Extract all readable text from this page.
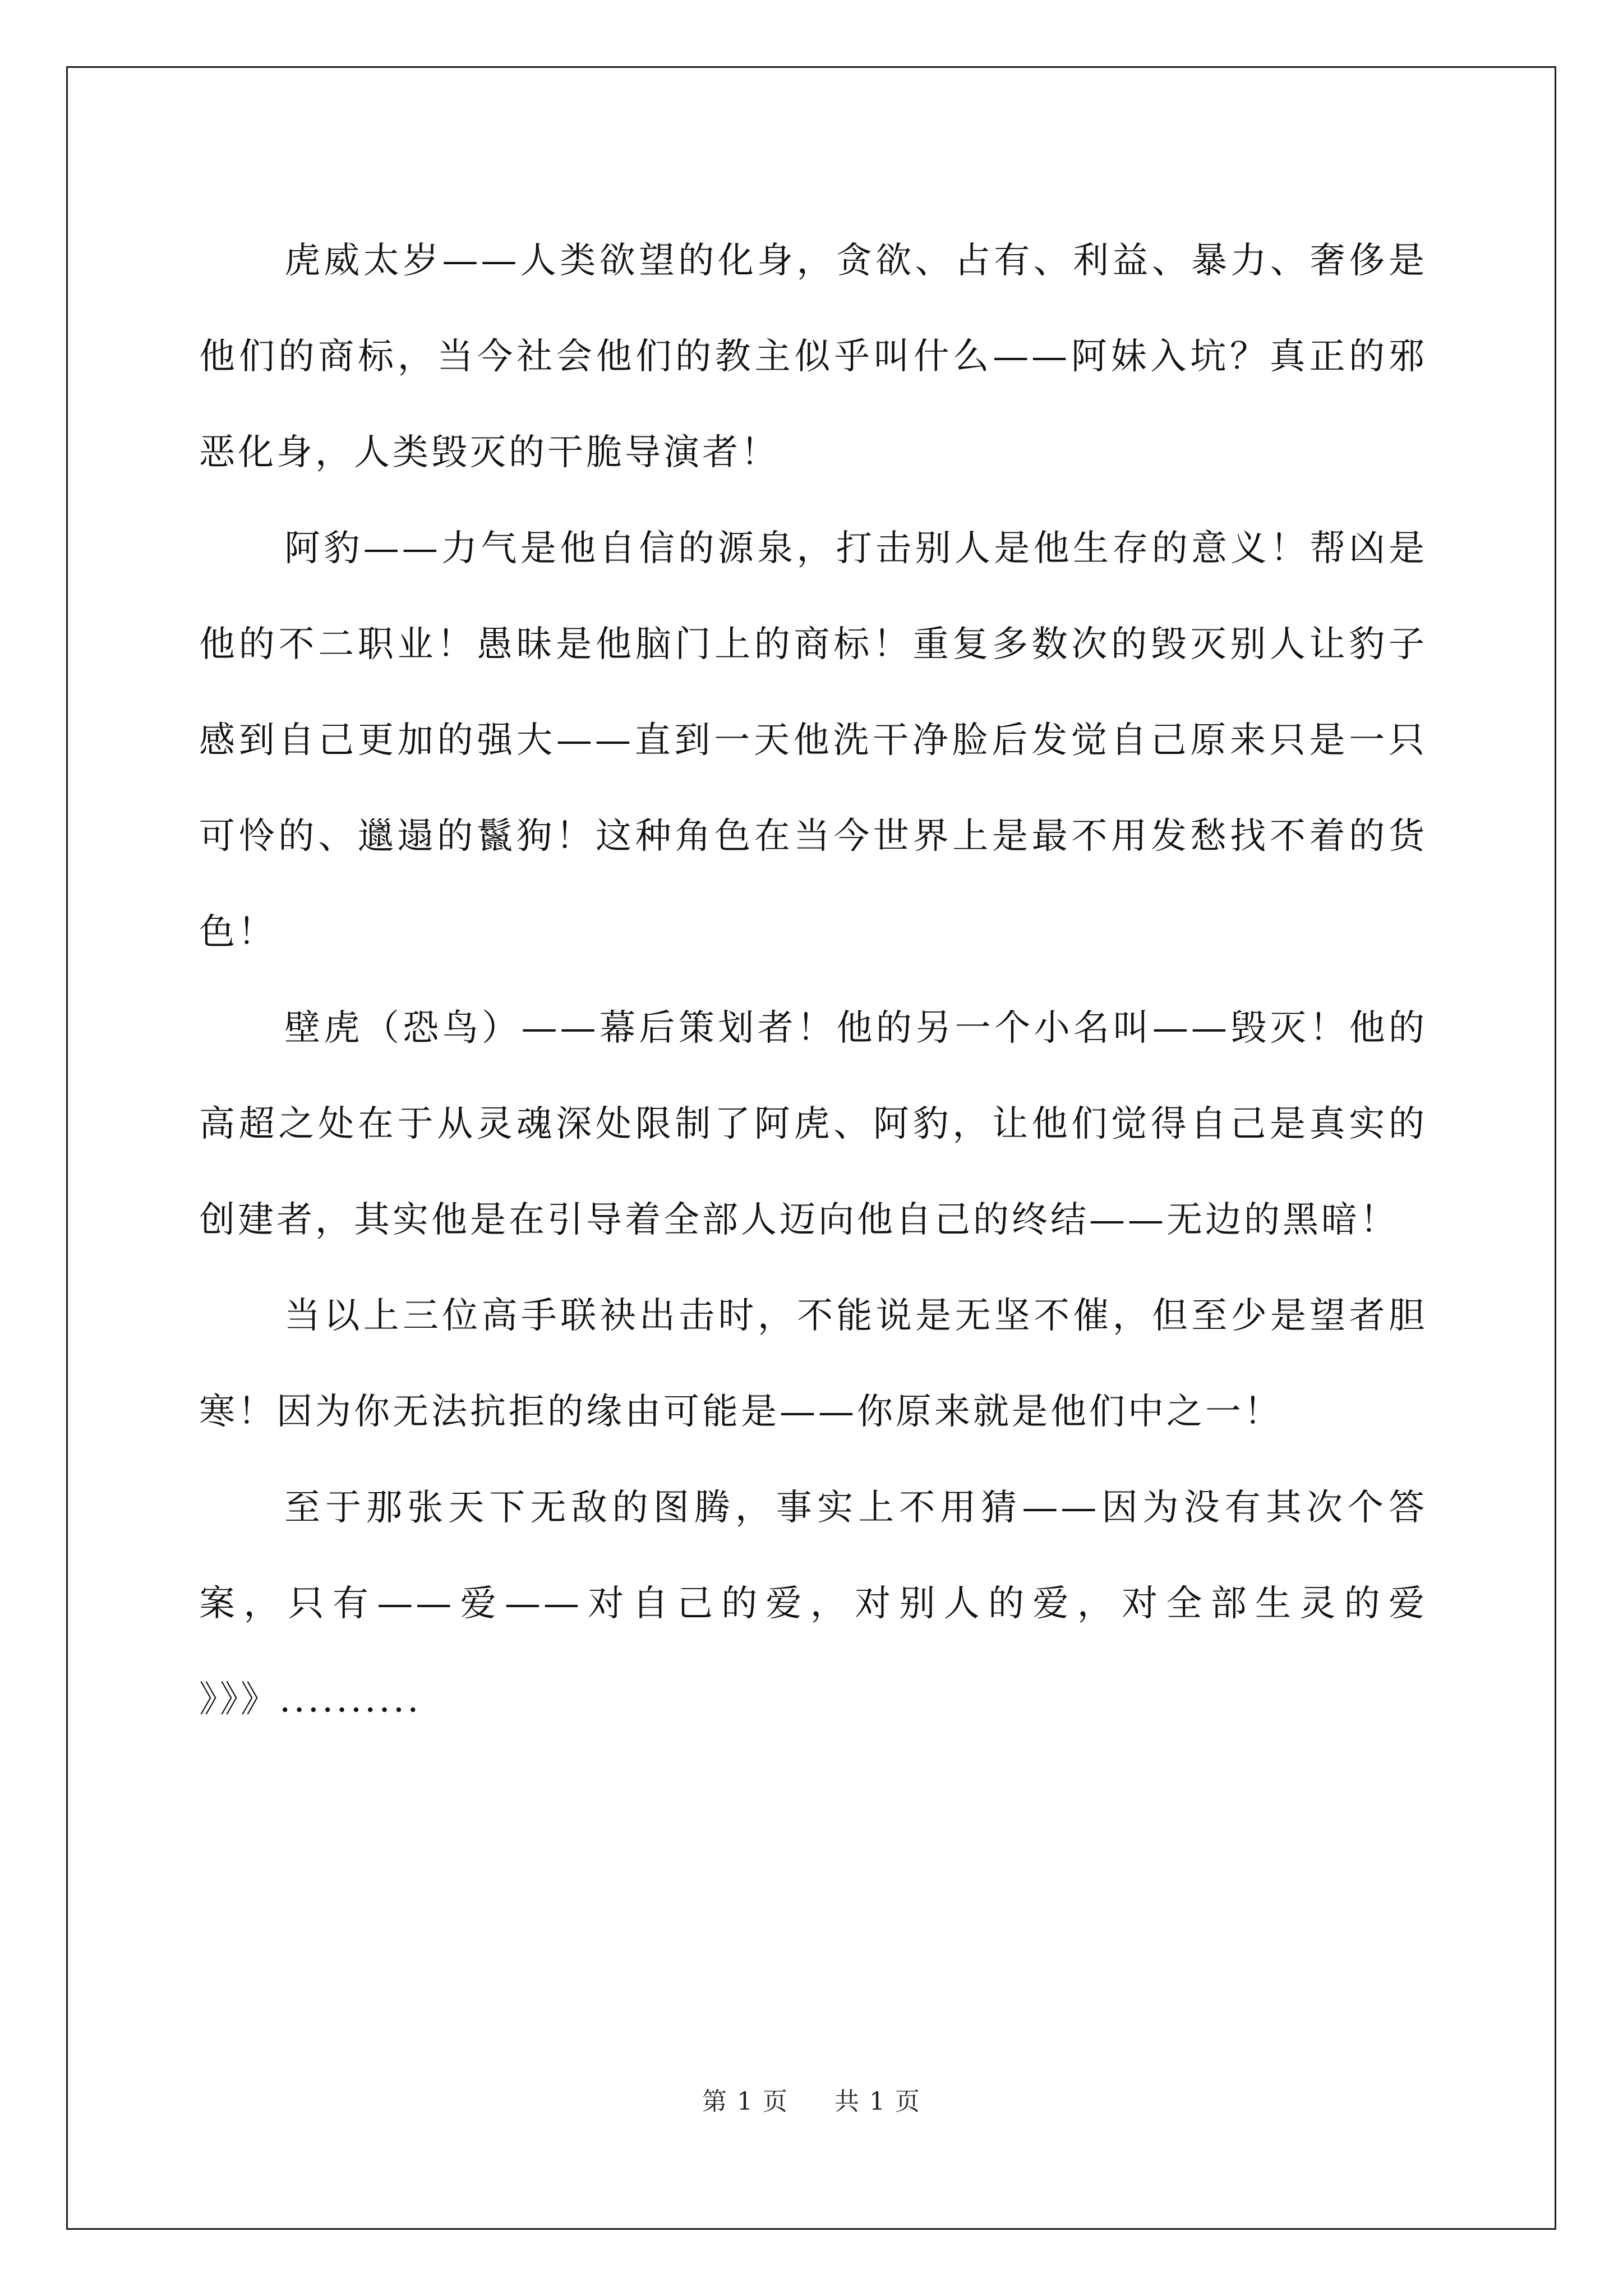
虎威太岁——人类欲望的化身，贪欲、占有、利益、暴力、奢侈是他们的商标，当今社会他们的教主似乎叫什么——阿妹入坑？真正的邪恶化身，人类毁灭的干脆导演者！

阿豹——力气是他自信的源泉，打击别人是他生存的意义！帮凶是他的不二职业！愚昧是他脑门上的商标！重复多数次的毁灭别人让豹子感到自己更加的强大——直到一天他洗干净脸后发觉自己原来只是一只可怜的、邋遢的鬣狗！这种角色在当今世界上是最不用发愁找不着的货色！

壁虎（恐鸟）——幕后策划者！他的另一个小名叫——毁灭！他的高超之处在于从灵魂深处限制了阿虎、阿豹，让他们觉得自己是真实的创建者，其实他是在引导着全部人迈向他自己的终结——无边的黑暗！

当以上三位高手联袂出击时，不能说是无坚不催，但至少是望者胆寒！因为你无法抗拒的缘由可能是——你原来就是他们中之一！

至于那张天下无敌的图腾，事实上不用猜——因为没有其次个答案，只有——爱——对自己的爱，对别人的爱，对全部生灵的爱 》》》..........

第 1 页 共 1 页
